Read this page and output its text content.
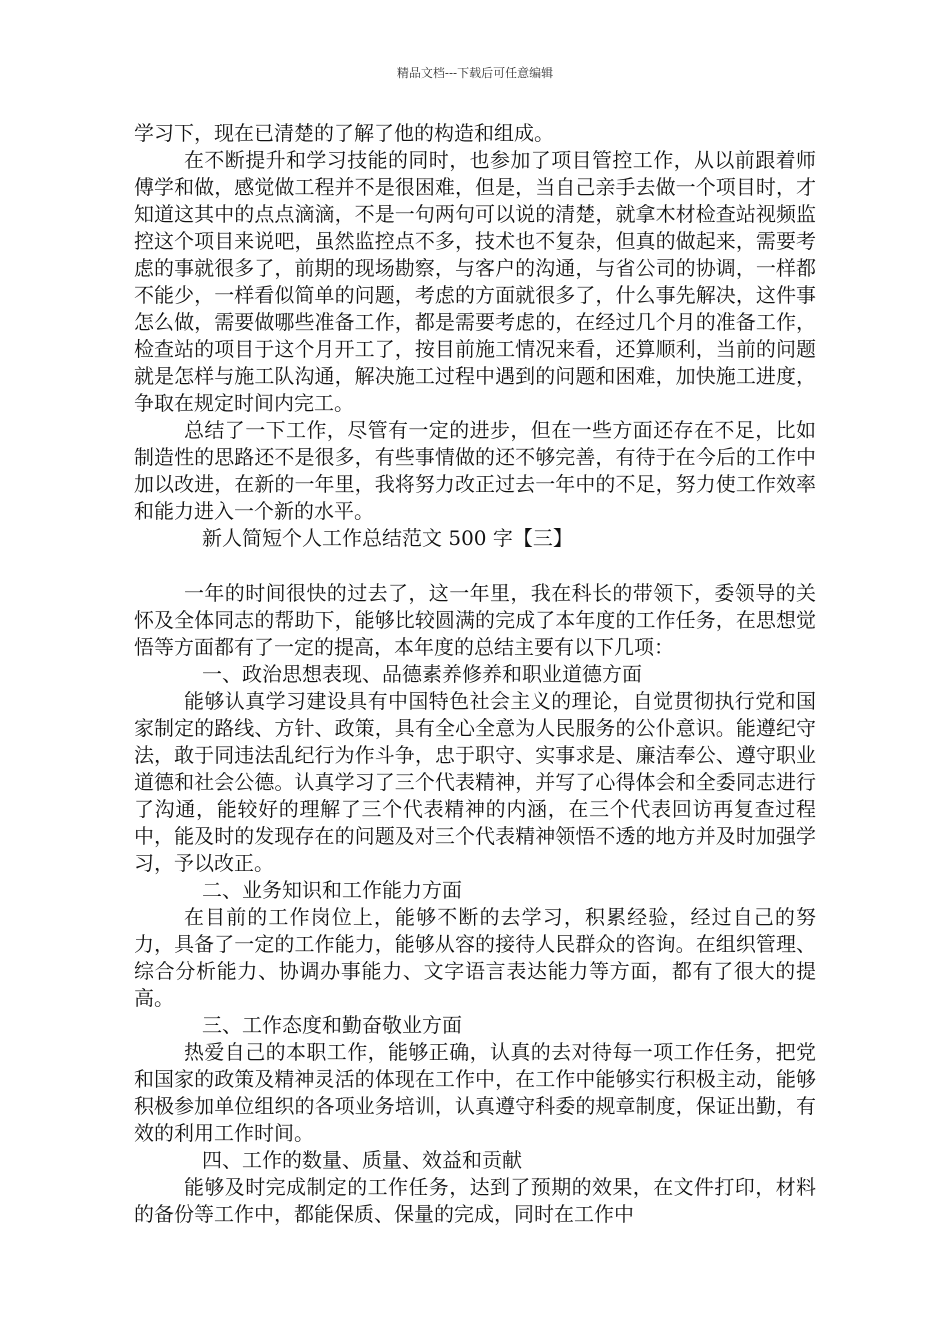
精品文档---下载后可任意编辑

学习下，现在已清楚的了解了他的构造和组成。

在不断提升和学习技能的同时，也参加了项目管控工作，从以前跟着师傅学和做，感觉做工程并不是很困难，但是，当自己亲手去做一个项目时，才知道这其中的点点滴滴，不是一句两句可以说的清楚，就拿木材检查站视频监控这个项目来说吧，虽然监控点不多，技术也不复杂，但真的做起来，需要考虑的事就很多了，前期的现场勘察，与客户的沟通，与省公司的协调，一样都不能少，一样看似简单的问题，考虑的方面就很多了，什么事先解决，这件事怎么做，需要做哪些准备工作，都是需要考虑的，在经过几个月的准备工作，检查站的项目于这个月开工了，按目前施工情况来看，还算顺利，当前的问题就是怎样与施工队沟通，解决施工过程中遇到的问题和困难，加快施工进度，争取在规定时间内完工。

总结了一下工作，尽管有一定的进步，但在一些方面还存在不足，比如制造性的思路还不是很多，有些事情做的还不够完善，有待于在今后的工作中加以改进，在新的一年里，我将努力改正过去一年中的不足，努力使工作效率和能力进入一个新的水平。

新人简短个人工作总结范文 500 字【三】

一年的时间很快的过去了，这一年里，我在科长的带领下，委领导的关怀及全体同志的帮助下，能够比较圆满的完成了本年度的工作任务，在思想觉悟等方面都有了一定的提高，本年度的总结主要有以下几项：

一、政治思想表现、品德素养修养和职业道德方面

能够认真学习建设具有中国特色社会主义的理论，自觉贯彻执行党和国家制定的路线、方针、政策，具有全心全意为人民服务的公仆意识。能遵纪守法，敢于同违法乱纪行为作斗争，忠于职守、实事求是、廉洁奉公、遵守职业道德和社会公德。认真学习了三个代表精神，并写了心得体会和全委同志进行了沟通，能较好的理解了三个代表精神的内涵，在三个代表回访再复查过程中，能及时的发现存在的问题及对三个代表精神领悟不透的地方并及时加强学习，予以改正。

二、业务知识和工作能力方面

在目前的工作岗位上，能够不断的去学习，积累经验，经过自己的努力，具备了一定的工作能力，能够从容的接待人民群众的咨询。在组织管理、综合分析能力、协调办事能力、文字语言表达能力等方面，都有了很大的提高。

三、工作态度和勤奋敬业方面

热爱自己的本职工作，能够正确，认真的去对待每一项工作任务，把党和国家的政策及精神灵活的体现在工作中，在工作中能够实行积极主动，能够积极参加单位组织的各项业务培训，认真遵守科委的规章制度，保证出勤，有效的利用工作时间。

四、工作的数量、质量、效益和贡献

能够及时完成制定的工作任务，达到了预期的效果，在文件打印，材料的备份等工作中，都能保质、保量的完成，同时在工作中
